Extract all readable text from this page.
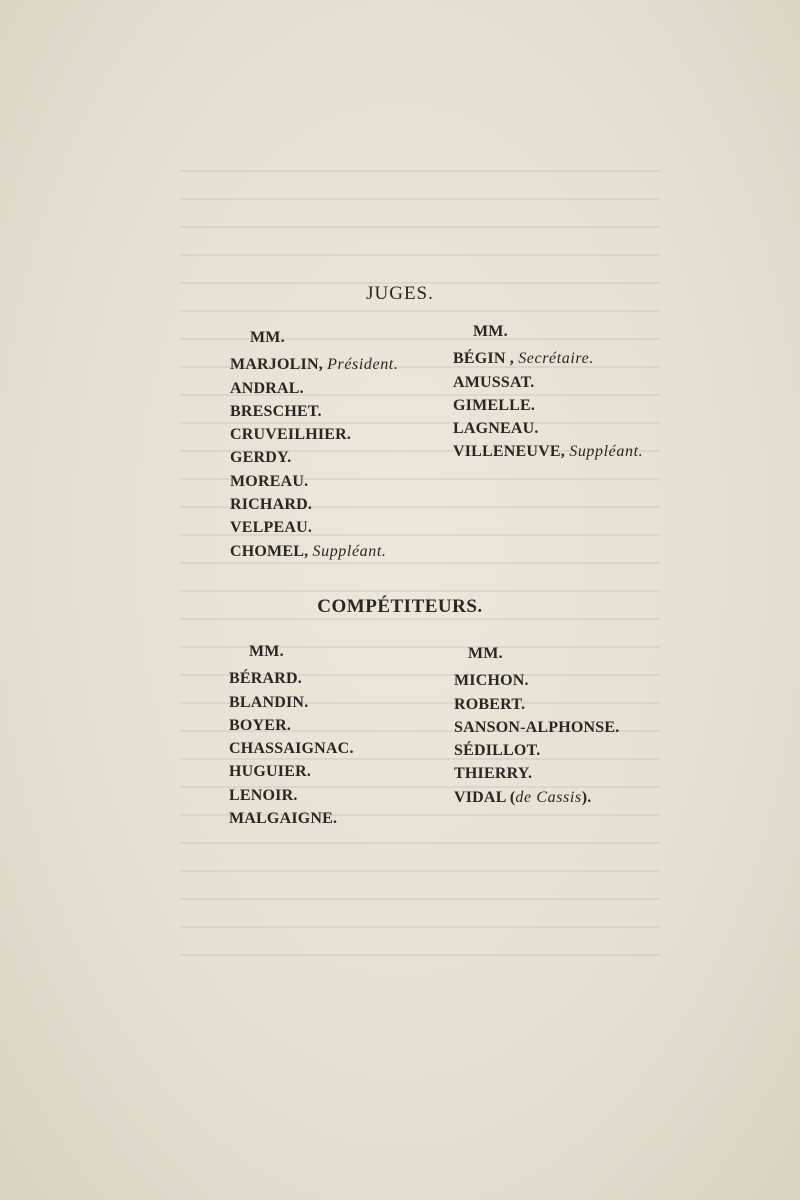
JUGES.
MM.
MARJOLIN, Président.
ANDRAL.
BRESCHET.
CRUVEILHIER.
GERDY.
MOREAU.
RICHARD.
VELPEAU.
CHOMEL, Suppléant.
MM.
BÉGIN , Secrétaire.
AMUSSAT.
GIMELLE.
LAGNEAU.
VILLENEUVE, Suppléant.
COMPÉTITEURS.
MM.
BÉRARD.
BLANDIN.
BOYER.
CHASSAIGNAC.
HUGUIER.
LENOIR.
MALGAIGNE.
MM.
MICHON.
ROBERT.
SANSON-ALPHONSE.
SÉDILLOT.
THIERRY.
VIDAL (de Cassis).
